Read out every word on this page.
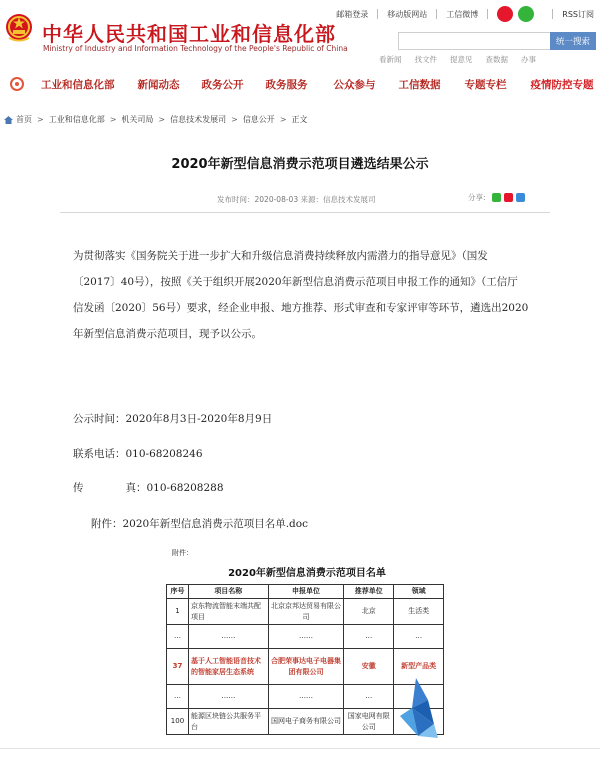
中华人民共和国工业和信息化部
Ministry of Industry and Information Technology of the People's Republic of China
邮箱登录 移动版网站 工信微博	RSS订阅
统一搜索
看新闻 找文件 提意见 查数据 办事
工业和信息化部 新闻动态 政务公开 政务服务 公众参与 工信数据 专题专栏 疫情防控专题
首页 > 工业和信息化部 > 机关司局 > 信息技术发展司 > 信息公开 > 正文
2020年新型信息消费示范项目遴选结果公示
发布时间：2020-08-03 来源：信息技术发展司	分享:
为贯彻落实《国务院关于进一步扩大和升级信息消费持续释放内需潜力的指导意见》（国发
〔2017〕40号），按照《关于组织开展2020年新型信息消费示范项目申报工作的通知》（工信厅
信发函〔2020〕56号）要求，经企业申报、地方推荐、形式审查和专家评审等环节，遴选出2020
年新型信息消费示范项目，现予以公示。
公示时间：2020年8月3日-2020年8月9日
联系电话：010-68208246
传　　　　真：010-68208288
附件：2020年新型信息消费示范项目名单.doc
附件：
2020年新型信息消费示范项目名单
序号	项目名称	申报单位	推荐单位	领域
1	京东物流智能末端共配项目	北京京邦达贸易有限公司	北京	生活类
…	……	……	…	…
37	基于人工智能语音技术的智能家居生态系统	合肥荣事达电子电器集团有限公司	安徽	新型产品类
…	……	……	…	
100	能源区块链公共服务平台	国网电子商务有限公司	国家电网有限公司	
